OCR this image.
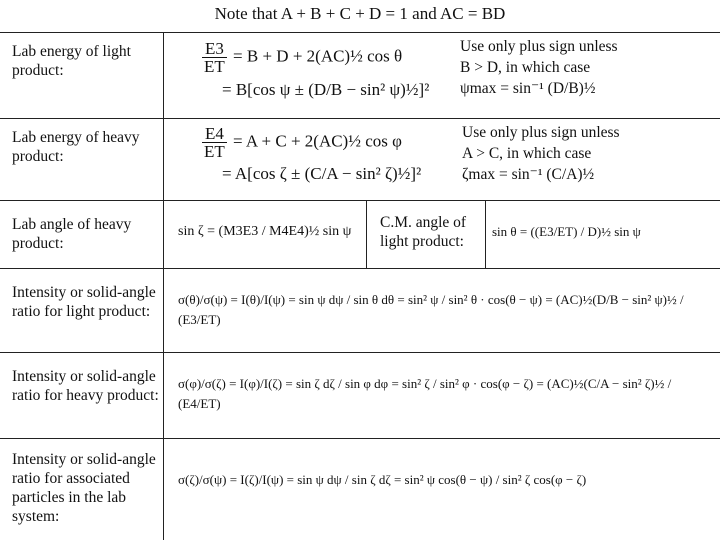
Note that A + B + C + D = 1 and AC = BD
Lab energy of light product:	$\frac{E3}{ET} = B + D$ + 2(AC)½ cos θ
= B[cos ψ ± (D/B − sin² ψ)½]²
Use only plus sign unless
B > D, in which case
ψmax = sin⁻¹ (D/B)½
Lab energy of heavy product:	$\frac{E4}{ET} = A + C$ + 2(AC)½ cos φ
= A[cos ζ ± (C/A − sin² ζ)½]²
Use only plus sign unless
A > C, in which case
ζmax = sin⁻¹ (C/A)½
Lab angle of heavy product:
sin ζ = (M3E3 / M4E4)½ sin ψ
C.M. angle of light product:
sin θ = ((E3/ET) / D)½ sin ψ
Intensity or solid-angle ratio for light product:
σ(θ)/σ(ψ) = I(θ)/I(ψ) = sin ψ dψ / sin θ dθ = sin² ψ / sin² θ · cos(θ − ψ) = (AC)½(D/B − sin² ψ)½ / (E3/ET)
Intensity or solid-angle ratio for heavy product:
σ(φ)/σ(ζ) = I(φ)/I(ζ) = sin ζ dζ / sin φ dφ = sin² ζ / sin² φ · cos(φ − ζ) = (AC)½(C/A − sin² ζ)½ / (E4/ET)
Intensity or solid-angle ratio for associated particles in the lab system:
σ(ζ)/σ(ψ) = I(ζ)/I(ψ) = sin ψ dψ / sin ζ dζ = sin² ψ cos(θ − ψ) / sin² ζ cos(φ − ζ)
